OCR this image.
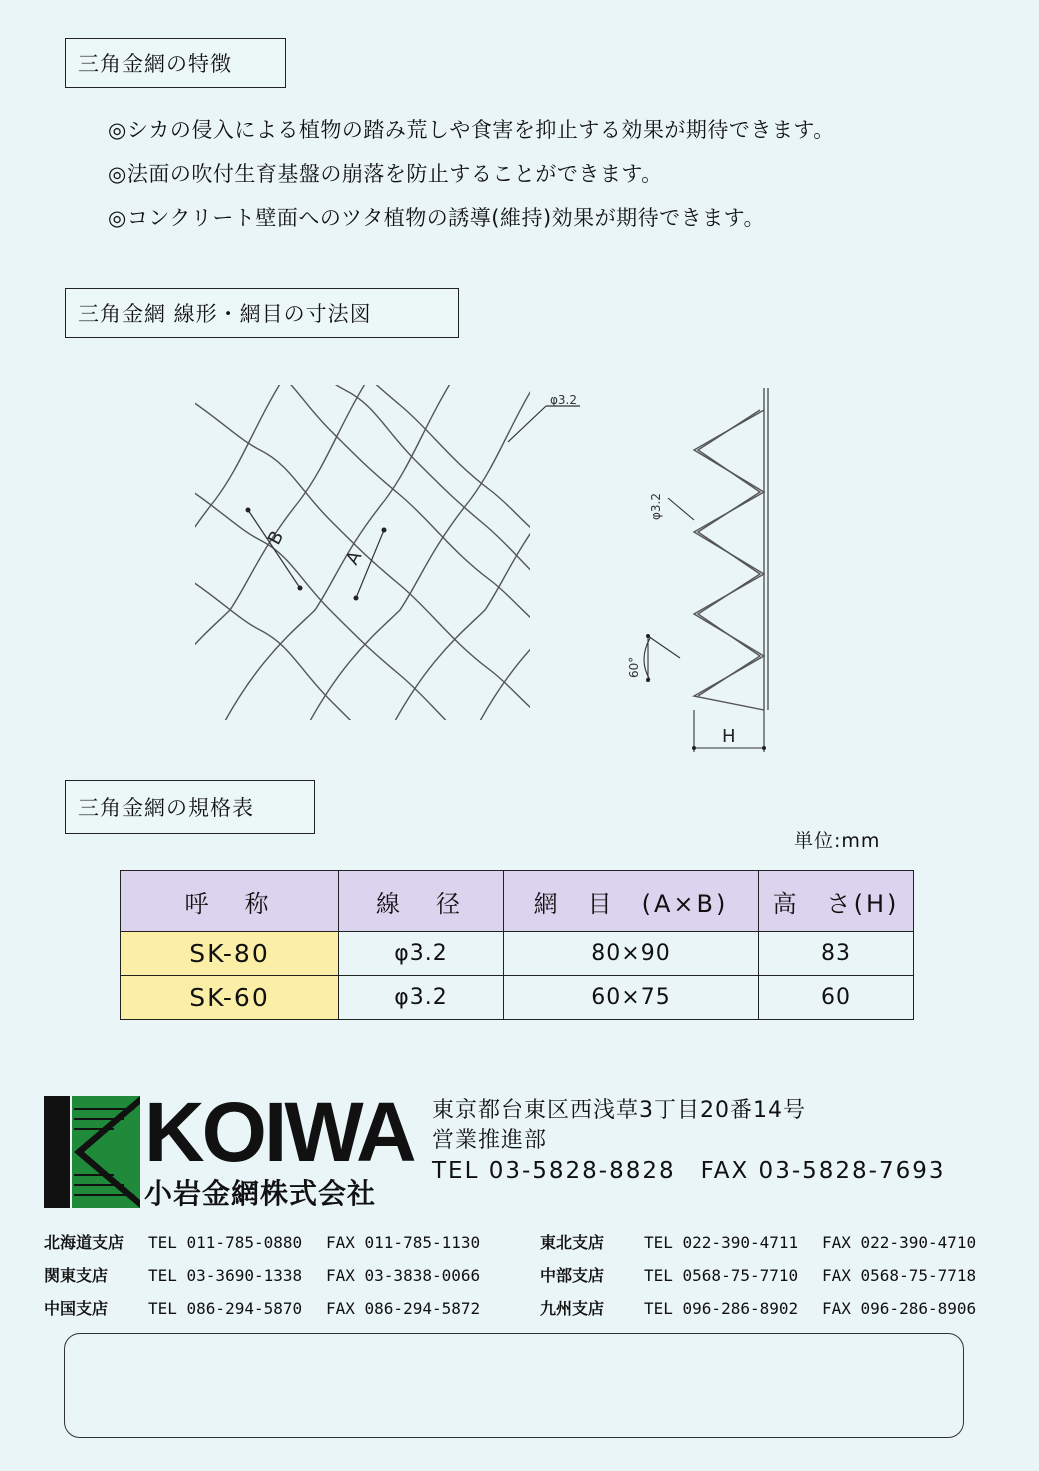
三角金網の特徴
◎シカの侵入による植物の踏み荒しや食害を抑止する効果が期待できます。
◎法面の吹付生育基盤の崩落を防止することができます。
◎コンクリート壁面へのツタ植物の誘導(維持)効果が期待できます。
三角金網 線形・網目の寸法図
B
A
φ3.2
φ3.2
60°
H
三角金網の規格表
単位:mm
呼　称	線　径	網　目　(A×B)	高　さ(H)
SK-80	φ3.2	80×90	83
SK-60	φ3.2	60×75	60
KOIWA
小岩金網株式会社
東京都台東区西浅草3丁目20番14号
営業推進部
TEL 03-5828-8828　FAX 03-5828-7693
北海道支店 TEL 011-785-0880 FAX 011-785-1130
関東支店 TEL 03-3690-1338 FAX 03-3838-0066
中国支店 TEL 086-294-5870 FAX 086-294-5872
東北支店 TEL 022-390-4711 FAX 022-390-4710
中部支店 TEL 0568-75-7710 FAX 0568-75-7718
九州支店 TEL 096-286-8902 FAX 096-286-8906
